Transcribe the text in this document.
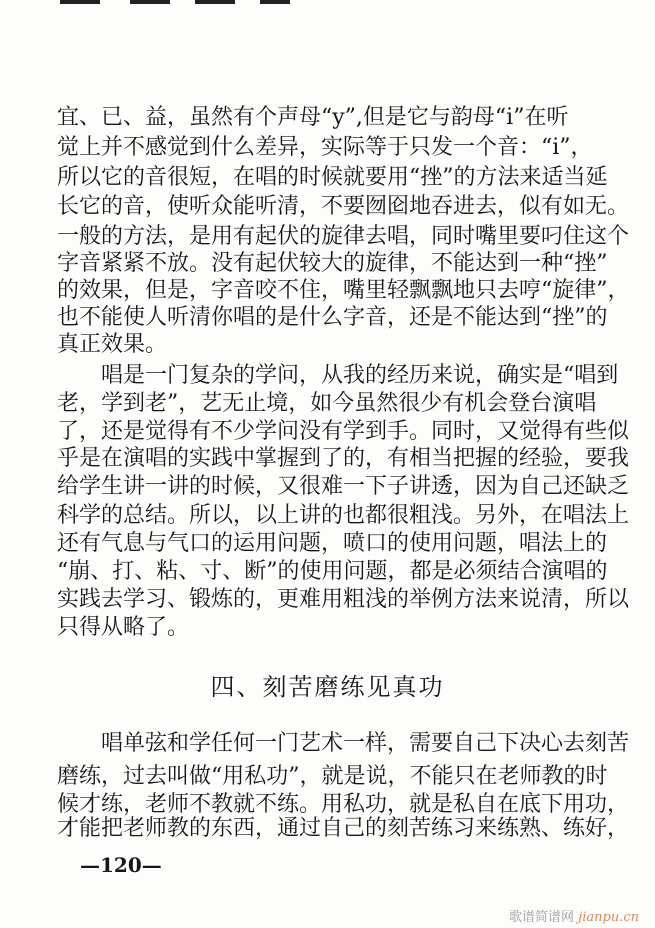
宜、已、益，虽然有个声母“y”,但是它与韵母“i”在听
觉上并不感觉到什么差异，实际等于只发一个音：“i”，
所以它的音很短，在唱的时候就要用“挫”的方法来适当延
长它的音，使听众能听清，不要囫囵地吞进去，似有如无。
一般的方法，是用有起伏的旋律去唱，同时嘴里要叼住这个
字音紧紧不放。没有起伏较大的旋律，不能达到一种“挫”
的效果，但是，字音咬不住，嘴里轻飘飘地只去哼“旋律”，
也不能使人听清你唱的是什么字音，还是不能达到“挫”的
真正效果。
　　唱是一门复杂的学问，从我的经历来说，确实是“唱到
老，学到老”，艺无止境，如今虽然很少有机会登台演唱
了，还是觉得有不少学问没有学到手。同时，又觉得有些似
乎是在演唱的实践中掌握到了的，有相当把握的经验，要我
给学生讲一讲的时候，又很难一下子讲透，因为自己还缺乏
科学的总结。所以，以上讲的也都很粗浅。另外，在唱法上
还有气息与气口的运用问题，喷口的使用问题，唱法上的
“崩、打、粘、寸、断”的使用问题，都是必须结合演唱的
实践去学习、锻炼的，更难用粗浅的举例方法来说清，所以
只得从略了。
四、刻苦磨练见真功
　　唱单弦和学任何一门艺术一样，需要自己下决心去刻苦
磨练，过去叫做“用私功”，就是说，不能只在老师教的时
候才练，老师不教就不练。用私功，就是私自在底下用功，
才能把老师教的东西，通过自己的刻苦练习来练熟、练好，
—120—
歌谱简谱网 jianpu.cn
